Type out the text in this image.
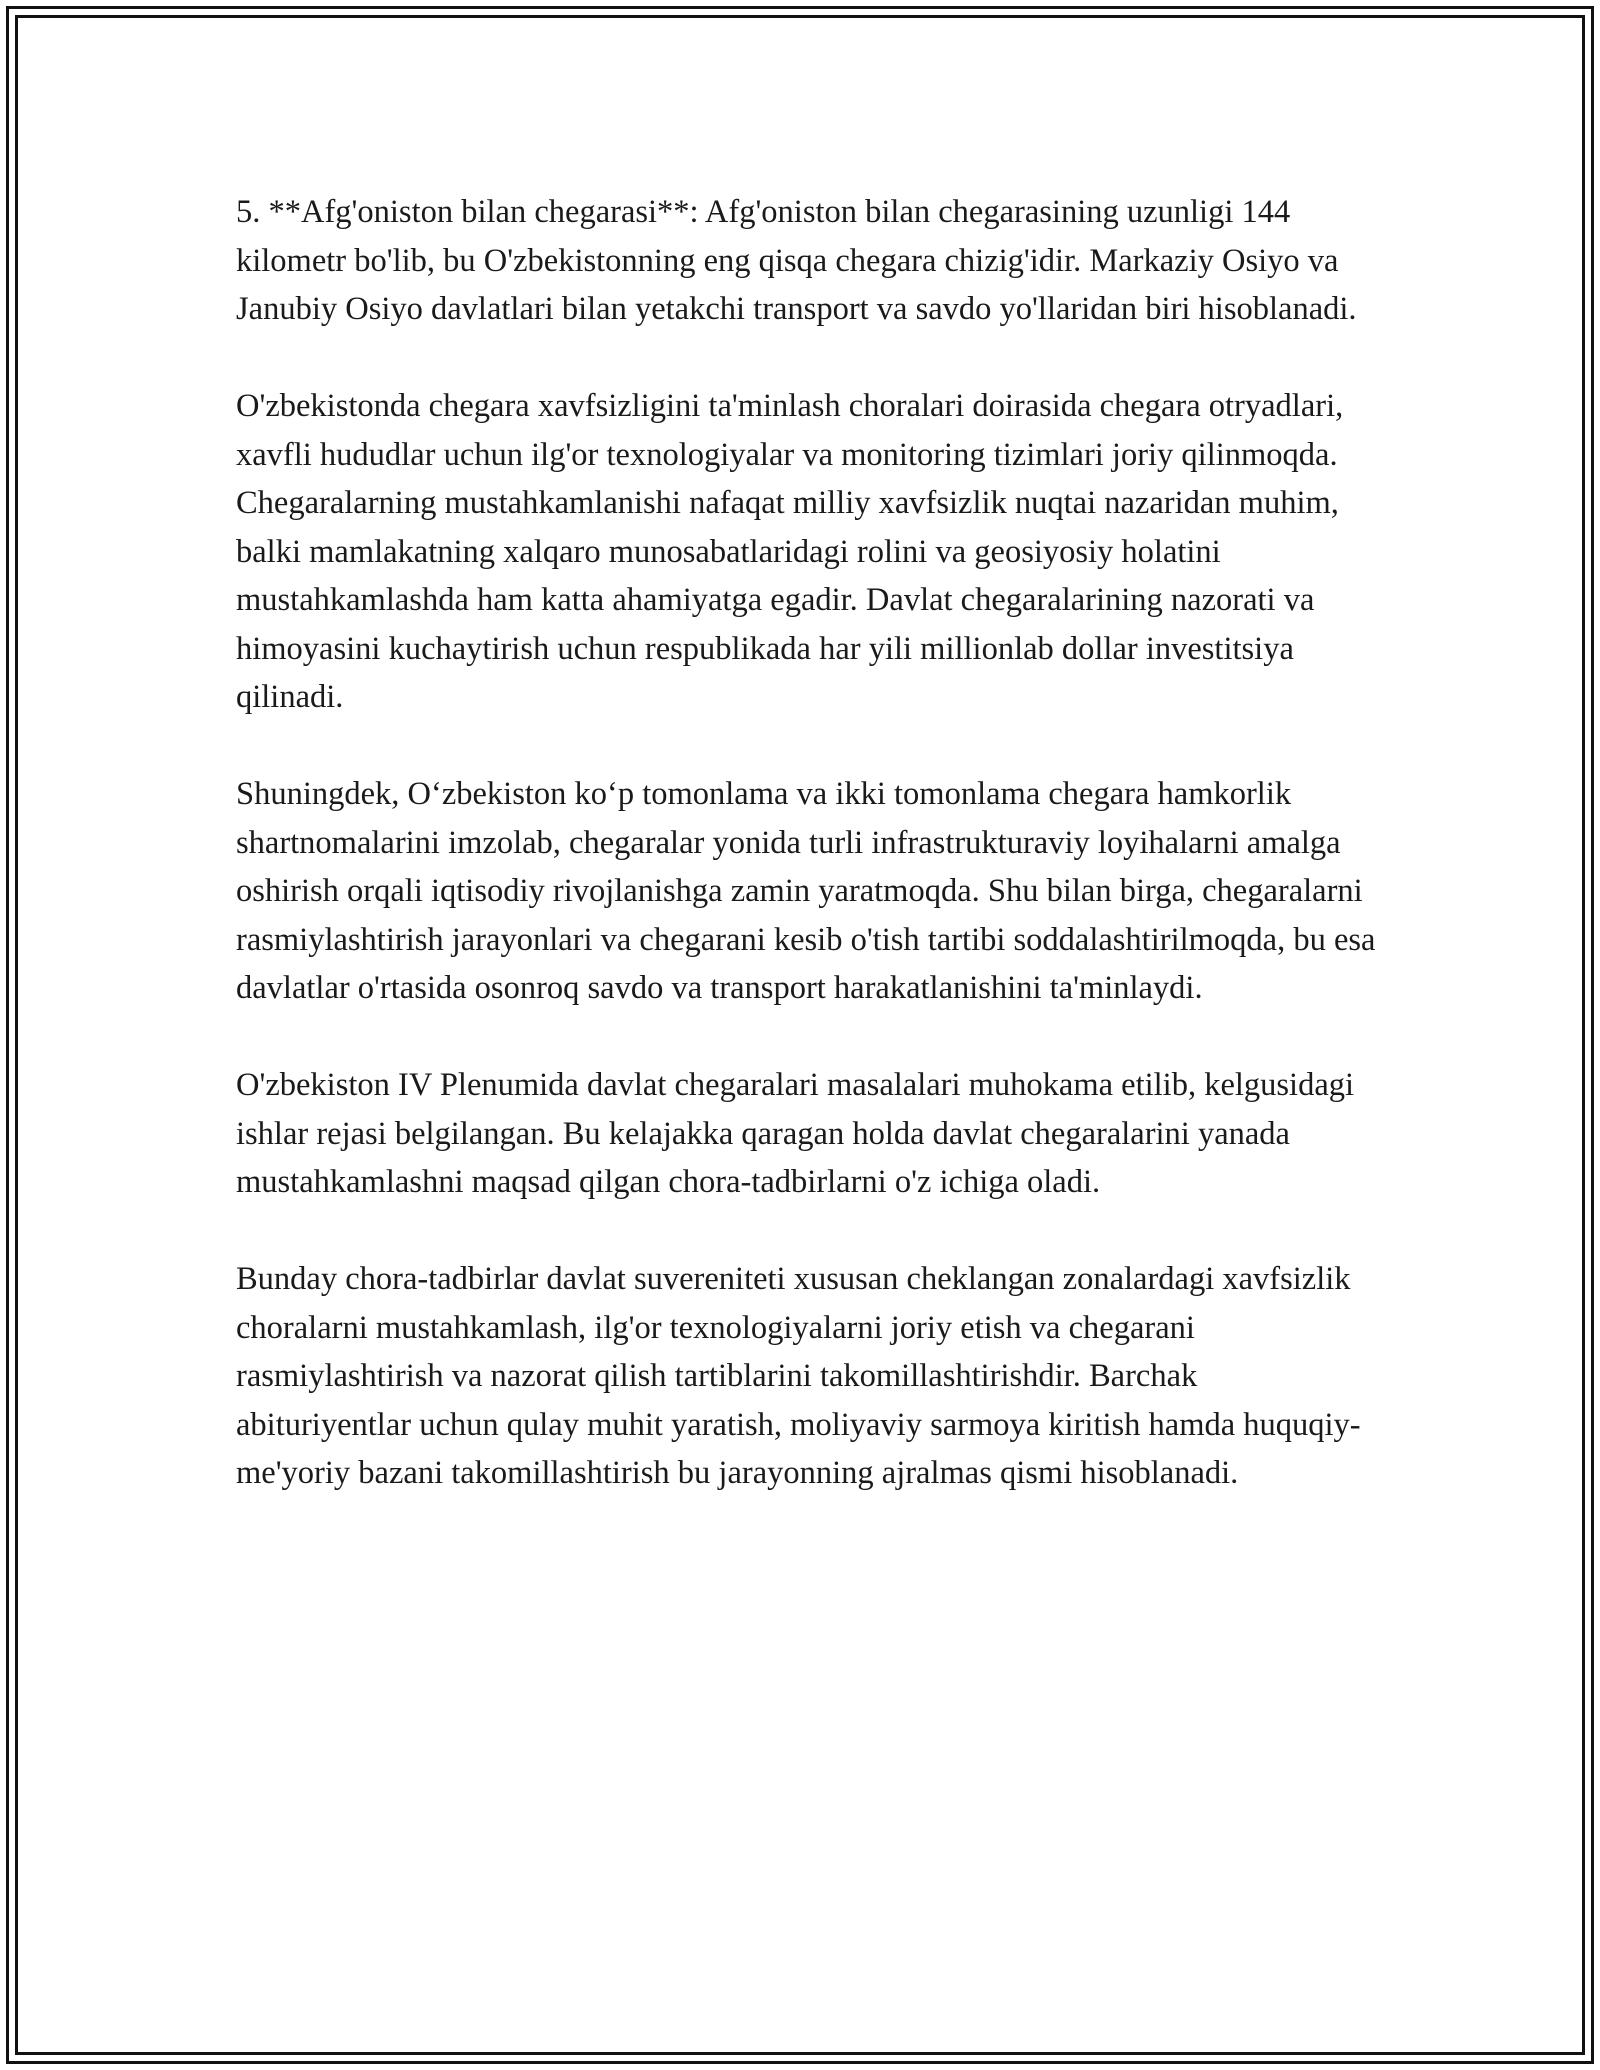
5. **Afg'oniston bilan chegarasi**: Afg'oniston bilan chegarasining uzunligi 144 kilometr bo'lib, bu O'zbekistonning eng qisqa chegara chizig'idir. Markaziy Osiyo va Janubiy Osiyo davlatlari bilan yetakchi transport va savdo yo'llaridan biri hisoblanadi.

O'zbekistonda chegara xavfsizligini ta'minlash choralari doirasida chegara otryadlari, xavfli hududlar uchun ilg'or texnologiyalar va monitoring tizimlari joriy qilinmoqda. Chegaralarning mustahkamlanishi nafaqat milliy xavfsizlik nuqtai nazaridan muhim, balki mamlakatning xalqaro munosabatlaridagi rolini va geosiyosiy holatini mustahkamlashda ham katta ahamiyatga egadir. Davlat chegaralarining nazorati va himoyasini kuchaytirish uchun respublikada har yili millionlab dollar investitsiya qilinadi.

Shuningdek, O‘zbekiston ko‘p tomonlama va ikki tomonlama chegara hamkorlik shartnomalarini imzolab, chegaralar yonida turli infrastrukturaviy loyihalarni amalga oshirish orqali iqtisodiy rivojlanishga zamin yaratmoqda. Shu bilan birga, chegaralarni rasmiylashtirish jarayonlari va chegarani kesib o'tish tartibi soddalashtirilmoqda, bu esa davlatlar o'rtasida osonroq savdo va transport harakatlanishini ta'minlaydi.

O'zbekiston IV Plenumida davlat chegaralari masalalari muhokama etilib, kelgusidagi ishlar rejasi belgilangan. Bu kelajakka qaragan holda davlat chegaralarini yanada mustahkamlashni maqsad qilgan chora-tadbirlarni o'z ichiga oladi.

Bunday chora-tadbirlar davlat suvereniteti xususan cheklangan zonalardagi xavfsizlik choralarni mustahkamlash, ilg'or texnologiyalarni joriy etish va chegarani rasmiylashtirish va nazorat qilish tartiblarini takomillashtirishdir. Barchak abituriyentlar uchun qulay muhit yaratish, moliyaviy sarmoya kiritish hamda huquqiy-me'yoriy bazani takomillashtirish bu jarayonning ajralmas qismi hisoblanadi.
